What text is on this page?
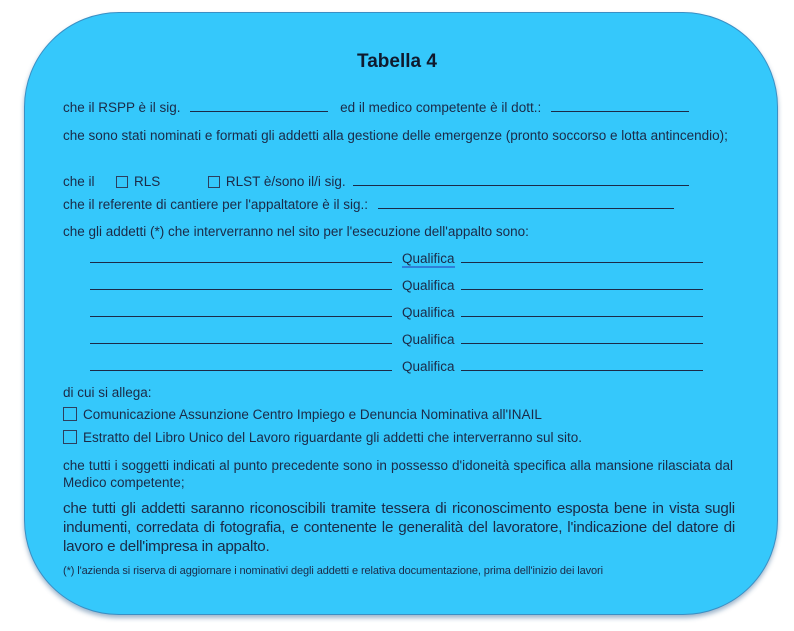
Tabella 4
che il RSPP è il sig.	ed il medico competente è il dott.:
che sono stati nominati e formati gli addetti alla gestione delle emergenze (pronto soccorso e lotta antincendio);
che il	RLS	RLST è/sono il/i sig.
che il referente di cantiere per l'appaltatore è il sig.:
che gli addetti (*) che interverranno nel sito per l'esecuzione dell'appalto sono:
Qualifica
Qualifica
Qualifica
Qualifica
Qualifica
di cui si allega:
Comunicazione Assunzione Centro Impiego e Denuncia Nominativa all'INAIL
Estratto del Libro Unico del Lavoro riguardante gli addetti che interverranno sul sito.
che tutti i soggetti indicati al punto precedente sono in possesso d'idoneità specifica alla mansione rilasciata dal Medico competente;
che tutti gli addetti saranno riconoscibili tramite tessera di riconoscimento esposta bene in vista sugli indumenti, corredata di fotografia, e contenente le generalità del lavoratore, l'indicazione del datore di lavoro e dell'impresa in appalto.
(*) l'azienda si riserva di aggiornare i nominativi degli addetti e relativa documentazione, prima dell'inizio dei lavori
